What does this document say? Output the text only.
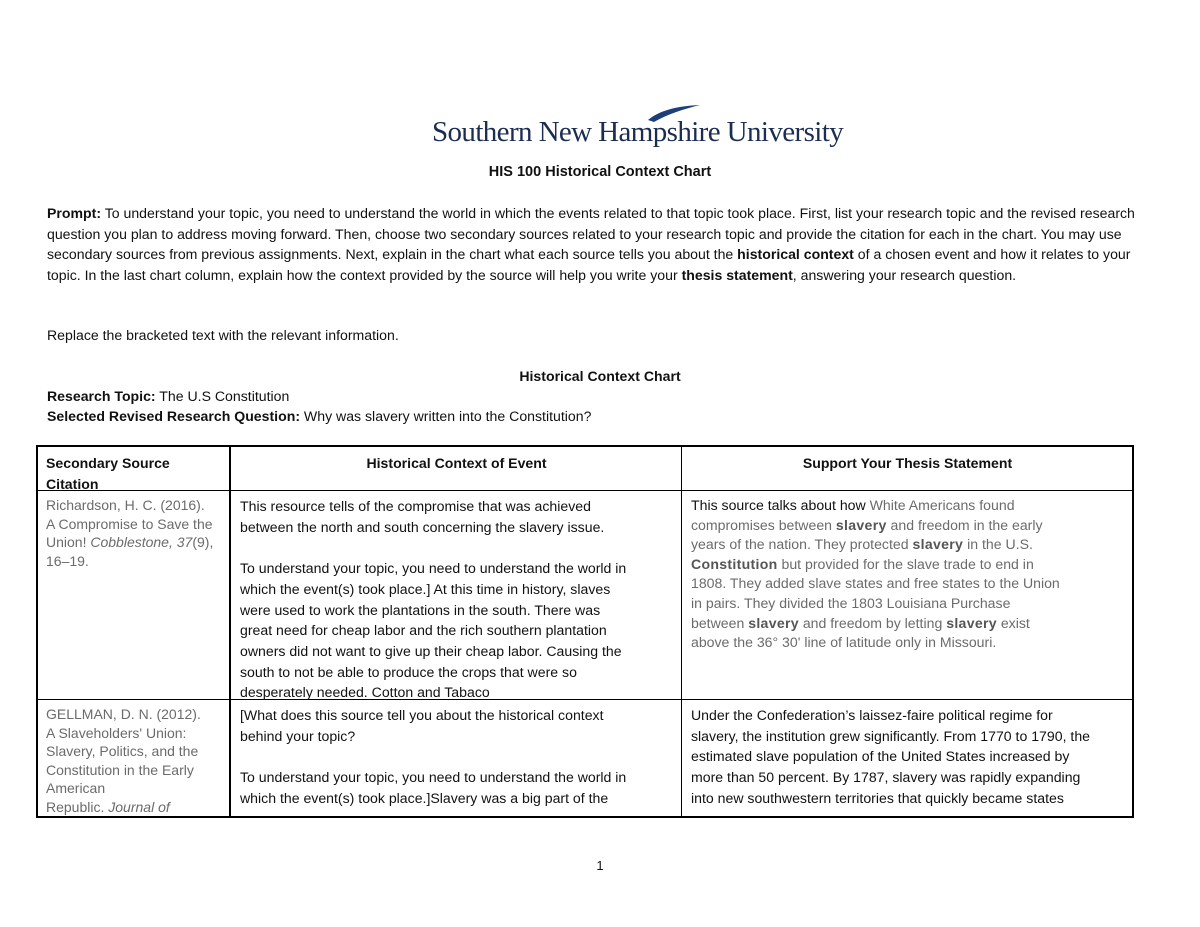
Southern New Hampshire University
HIS 100 Historical Context Chart
Prompt: To understand your topic, you need to understand the world in which the events related to that topic took place. First, list your research topic and the revised research question you plan to address moving forward. Then, choose two secondary sources related to your research topic and provide the citation for each in the chart. You may use secondary sources from previous assignments. Next, explain in the chart what each source tells you about the historical context of a chosen event and how it relates to your topic. In the last chart column, explain how the context provided by the source will help you write your thesis statement, answering your research question.
Replace the bracketed text with the relevant information.
Historical Context Chart
Research Topic: The U.S Constitution
Selected Revised Research Question: Why was slavery written into the Constitution?
Secondary Source Citation
Historical Context of Event	Support Your Thesis Statement

Richardson, H. C. (2016).

A Compromise to Save the

Union! Cobblestone, 37(9),

16–19.

This resource tells of the compromise that was achieved

between the north and south concerning the slavery issue.

To understand your topic, you need to understand the world in

which the event(s) took place.] At this time in history, slaves

were used to work the plantations in the south. There was

great need for cheap labor and the rich southern plantation

owners did not want to give up their cheap labor. Causing the

south to not be able to produce the crops that were so

desperately needed. Cotton and Tabaco

This source talks about how White Americans found

compromises between slavery and freedom in the early

years of the nation. They protected slavery in the U.S.

Constitution but provided for the slave trade to end in

1808. They added slave states and free states to the Union

in pairs. They divided the 1803 Louisiana Purchase

between slavery and freedom by letting slavery exist

above the 36° 30' line of latitude only in Missouri.

GELLMAN, D. N. (2012).

A Slaveholders' Union:

Slavery, Politics, and the

Constitution in the Early

American

Republic. Journal of

[What does this source tell you about the historical context

behind your topic?

To understand your topic, you need to understand the world in

which the event(s) took place.]Slavery was a big part of the

Under the Confederation’s laissez-faire political regime for

slavery, the institution grew significantly. From 1770 to 1790, the

estimated slave population of the United States increased by

more than 50 percent. By 1787, slavery was rapidly expanding

into new southwestern territories that quickly became states

1
